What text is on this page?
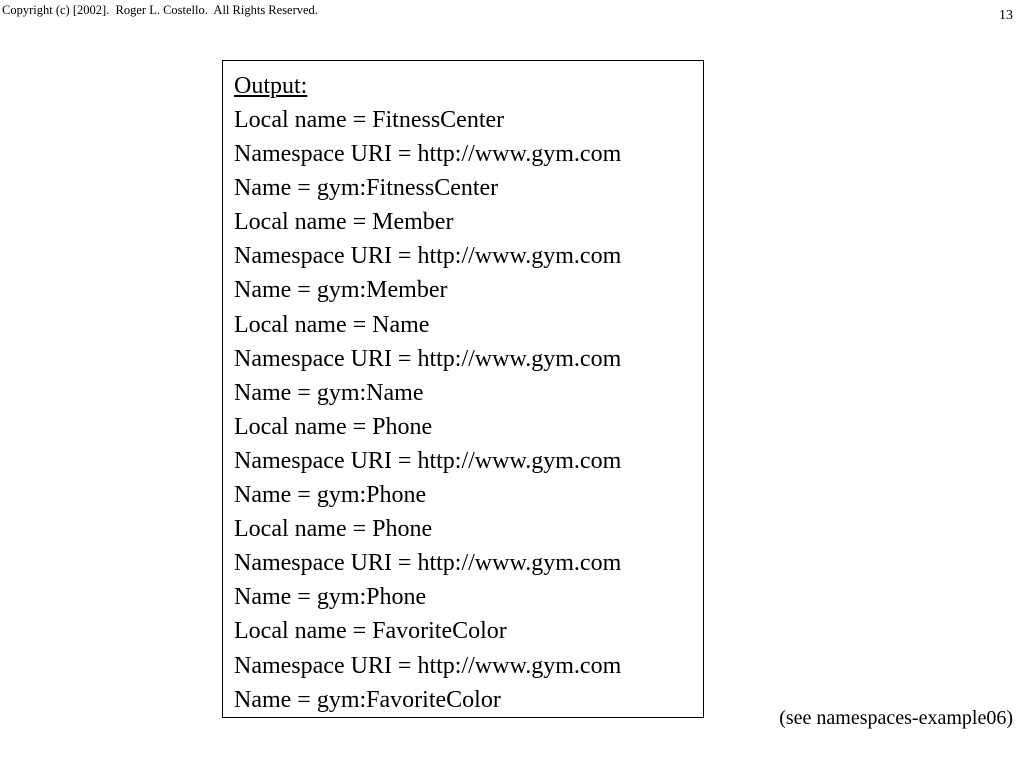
Copyright (c) [2002].  Roger L. Costello.  All Rights Reserved.	13
Output:
Local name = FitnessCenter
Namespace URI = http://www.gym.com
Name = gym:FitnessCenter
Local name = Member
Namespace URI = http://www.gym.com
Name = gym:Member
Local name = Name
Namespace URI = http://www.gym.com
Name = gym:Name
Local name = Phone
Namespace URI = http://www.gym.com
Name = gym:Phone
Local name = Phone
Namespace URI = http://www.gym.com
Name = gym:Phone
Local name = FavoriteColor
Namespace URI = http://www.gym.com
Name = gym:FavoriteColor
(see namespaces-example06)
